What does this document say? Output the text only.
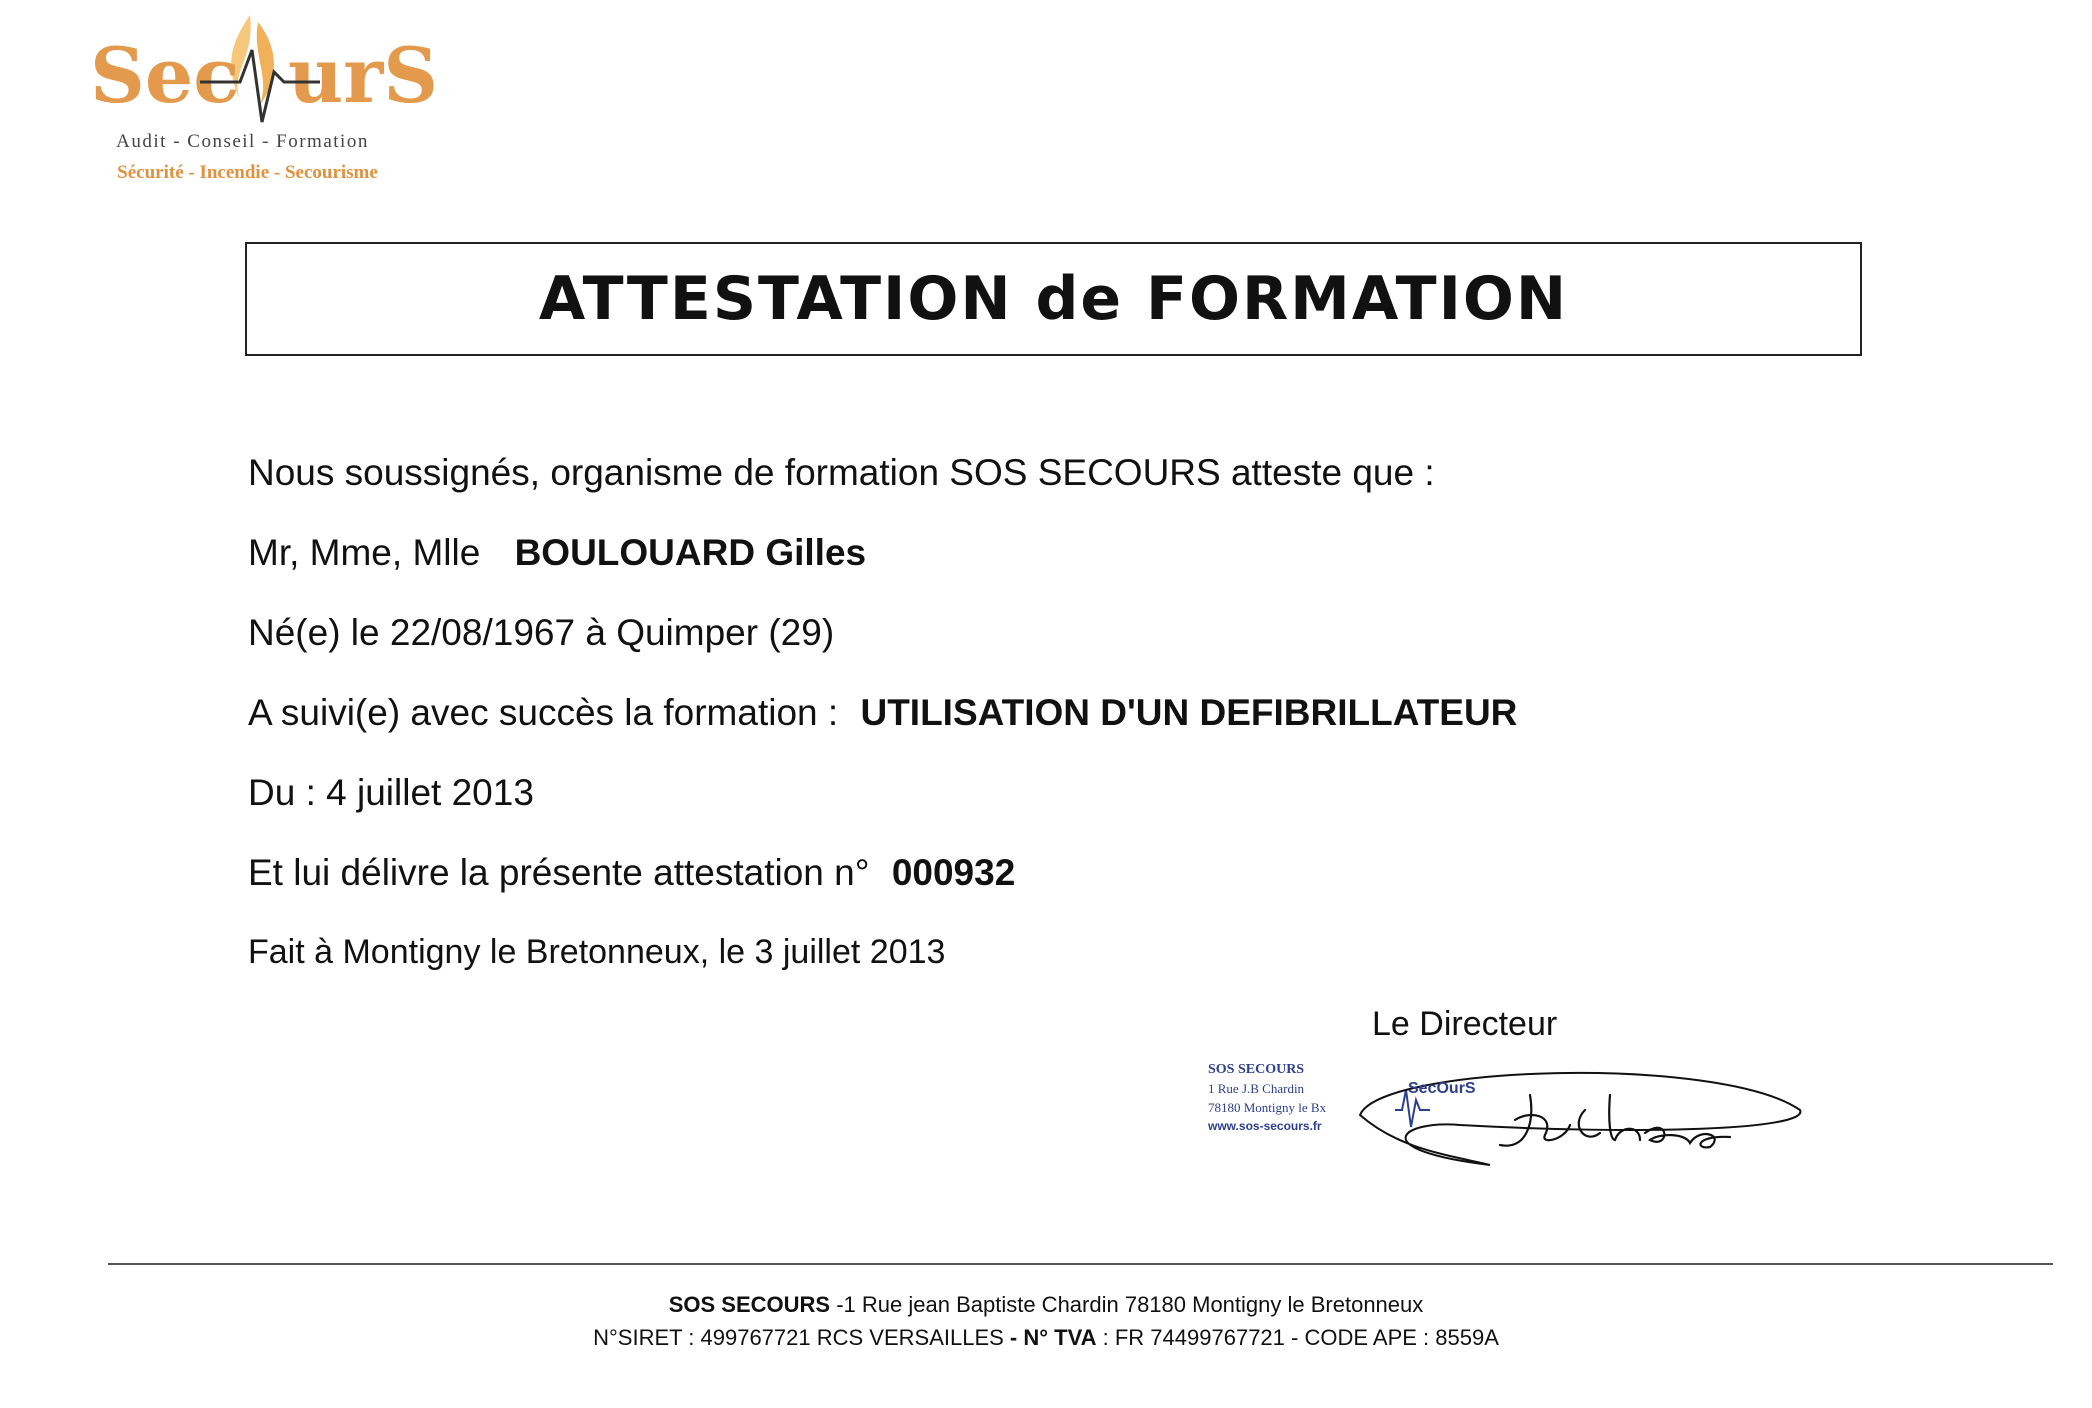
Sec urS
Audit - Conseil - Formation
Sécurité - Incendie - Secourisme
ATTESTATION de FORMATION
Nous soussignés, organisme de formation SOS SECOURS atteste que :
Mr, Mme, Mlle BOULOUARD Gilles
Né(e) le 22/08/1967 à Quimper (29)
A suivi(e) avec succès la formation : UTILISATION D'UN DEFIBRILLATEUR
Du : 4 juillet 2013
Et lui délivre la présente attestation n° 000932
Fait à Montigny le Bretonneux, le 3 juillet 2013
Le Directeur
SOS SECOURS
1 Rue J.B Chardin
78180 Montigny le Bx
www.sos-secours.fr
SecOurS
SOS SECOURS -1 Rue jean Baptiste Chardin 78180 Montigny le Bretonneux
N°SIRET : 499767721 RCS VERSAILLES - N° TVA : FR 74499767721 - CODE APE : 8559A
